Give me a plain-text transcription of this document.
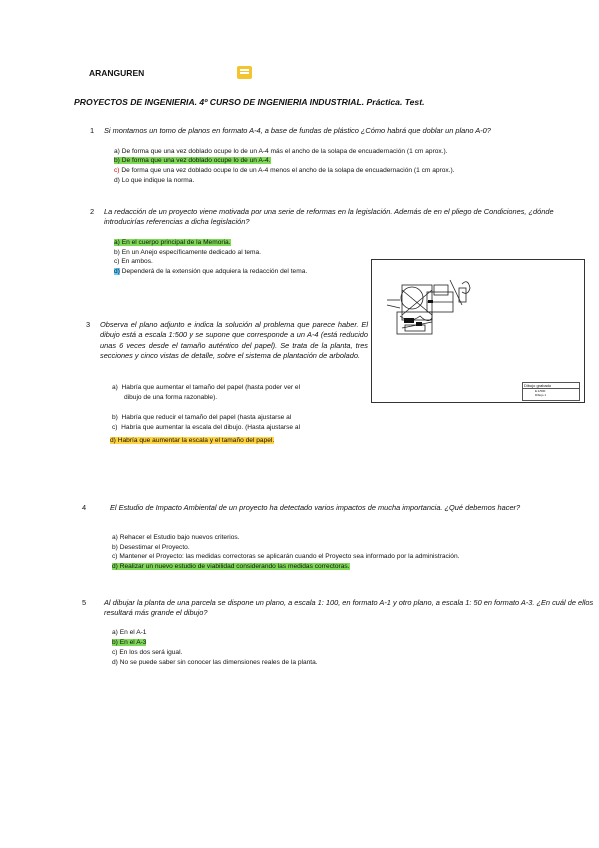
ARANGUREN
PROYECTOS DE INGENIERIA. 4º CURSO DE INGENIERIA INDUSTRIAL. Práctica. Test.
1 Si montamos un tomo de planos en formato A-4, a base de fundas de plástico ¿Cómo habrá que doblar un plano A-0?
a) De forma que una vez doblado ocupe lo de un A-4 más el ancho de la solapa de encuadernación (1 cm aprox.).
b) De forma que una vez doblado ocupe lo de un A-4.
c) De forma que una vez doblado ocupe lo de un A-4 menos el ancho de la solapa de encuadernación (1 cm aprox.).
d) Lo que indique la norma.
2 La redacción de un proyecto viene motivada por una serie de reformas en la legislación. Además de en el pliego de Condiciones, ¿dónde introducirías referencias a dicha legislación?
a) En el cuerpo principal de la Memoria.
b) En un Anejo específicamente dedicado al tema.
c) En ambos.
d) Dependerá de la extensión que adquiera la redacción del tema.
3 Observa el plano adjunto e indica la solución al problema que parece haber. El dibujo está a escala 1:500 y se supone que corresponde a un A-4 (está reducido unas 6 veces desde el tamaño auténtico del papel). Se trata de la planta, tres secciones y cinco vistas de detalle, sobre el sistema de plantación de arbolado.
a) Habría que aumentar el tamaño del papel (hasta poder ver el
dibujo de una forma razonable).
b) Habría que reducir el tamaño del papel (hasta ajustarse al
c) Habría que aumentar la escala del dibujo. (Hasta ajustarse al
d) Habría que aumentar la escala y el tamaño del papel.
Dibujo grabado
E:1/500
Dibujo 1
4	El Estudio de Impacto Ambiental de un proyecto ha detectado varios impactos de mucha importancia. ¿Qué debemos hacer?
a) Rehacer el Estudio bajo nuevos criterios.
b) Desestimar el Proyecto.
c) Mantener el Proyecto: las medidas correctoras se aplicarán cuando el Proyecto sea informado por la administración.
d) Realizar un nuevo estudio de viabilidad considerando las medidas correctoras.
5 Al dibujar la planta de una parcela se dispone un plano, a escala 1: 100, en formato A-1 y otro plano, a escala 1: 50 en formato A-3. ¿En cuál de ellos resultará más grande el dibujo?
a) En el A-1
b) En el A-3
c) En los dos será igual.
d) No se puede saber sin conocer las dimensiones reales de la planta.
